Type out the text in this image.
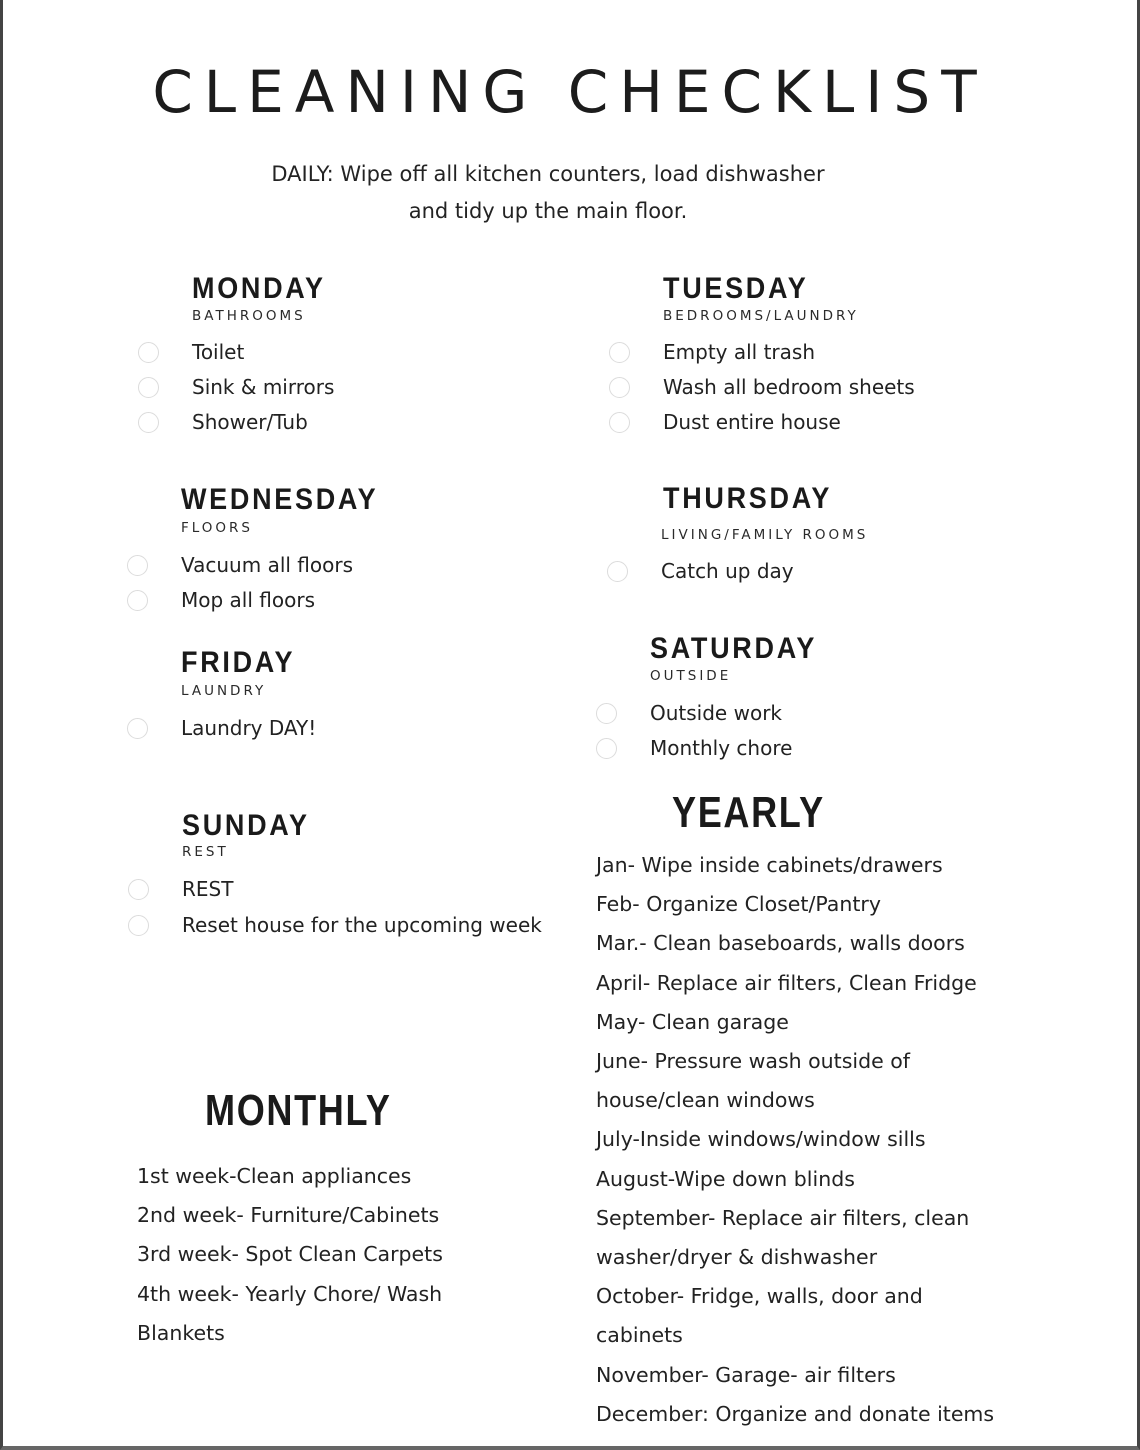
CLEANING CHECKLIST
DAILY: Wipe off all kitchen counters, load dishwasher
and tidy up the main floor.
MONDAY
BATHROOMS
Toilet
Sink & mirrors
Shower/Tub
TUESDAY
BEDROOMS/LAUNDRY
Empty all trash
Wash all bedroom sheets
Dust entire house
WEDNESDAY
FLOORS
Vacuum all floors
Mop all floors
THURSDAY
LIVING/FAMILY ROOMS
Catch up day
FRIDAY
LAUNDRY
Laundry DAY!
SATURDAY
OUTSIDE
Outside work
Monthly chore
SUNDAY
REST
REST
Reset house for the upcoming week
YEARLY
Jan- Wipe inside cabinets/drawers
Feb- Organize Closet/Pantry
Mar.- Clean baseboards, walls doors
April- Replace air filters, Clean Fridge
May- Clean garage
June- Pressure wash outside of
house/clean windows
July-Inside windows/window sills
August-Wipe down blinds
September- Replace air filters, clean
washer/dryer & dishwasher
October- Fridge, walls, door and
cabinets
November- Garage- air filters
December: Organize and donate items
MONTHLY
1st week-Clean appliances
2nd week- Furniture/Cabinets
3rd week- Spot Clean Carpets
4th week- Yearly Chore/ Wash
Blankets
